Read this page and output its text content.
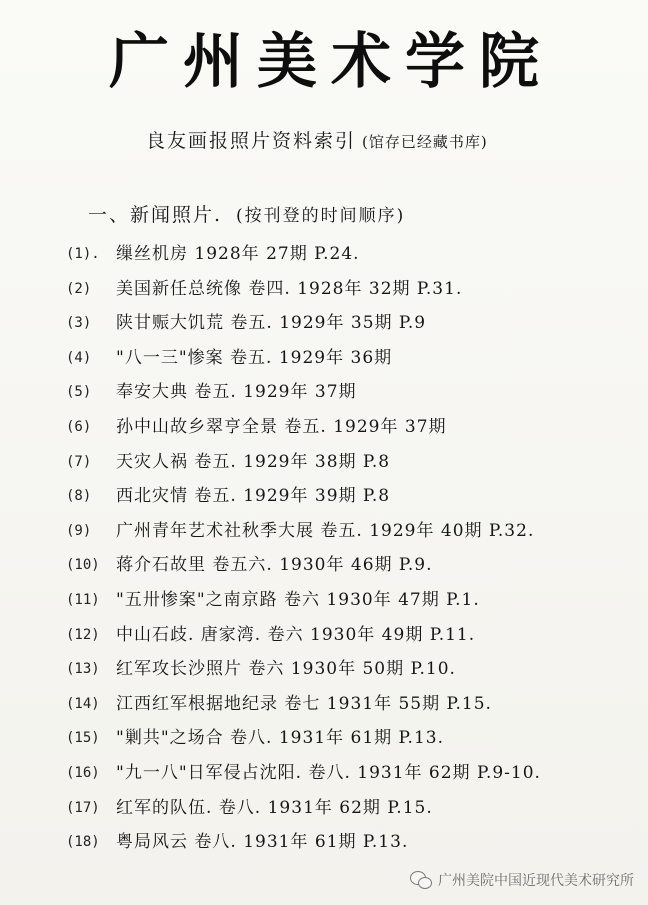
广州美术学院
良友画报照片资料索引 (馆存已经藏书库)
一、新闻照片. (按刊登的时间顺序)
(1). 缫丝机房 1928年 27期 P.24.
(2)	美国新任总统像 卷四. 1928年 32期 P.31.
(3)	陕甘赈大饥荒 卷五. 1929年 35期 P.9
(4)	"八一三"惨案 卷五. 1929年 36期
(5)	奉安大典 卷五. 1929年 37期
(6)	孙中山故乡翠亨全景 卷五. 1929年 37期
(7)	天灾人祸 卷五. 1929年 38期 P.8
(8)	西北灾情 卷五. 1929年 39期 P.8
(9)	广州青年艺术社秋季大展 卷五. 1929年 40期 P.32.
(10) 蒋介石故里 卷五六. 1930年 46期 P.9.
(11) "五卅惨案"之南京路 卷六 1930年 47期 P.1.
(12) 中山石歧. 唐家湾. 卷六 1930年 49期 P.11.
(13) 红军攻长沙照片 卷六 1930年 50期 P.10.
(14) 江西红军根据地纪录 卷七 1931年 55期 P.15.
(15) "剿共"之场合 卷八. 1931年 61期 P.13.
(16) "九一八"日军侵占沈阳. 卷八. 1931年 62期 P.9-10.
(17) 红军的队伍. 卷八. 1931年 62期 P.15.
(18) 粤局风云 卷八. 1931年 61期 P.13.
广州美院中国近现代美术研究所
